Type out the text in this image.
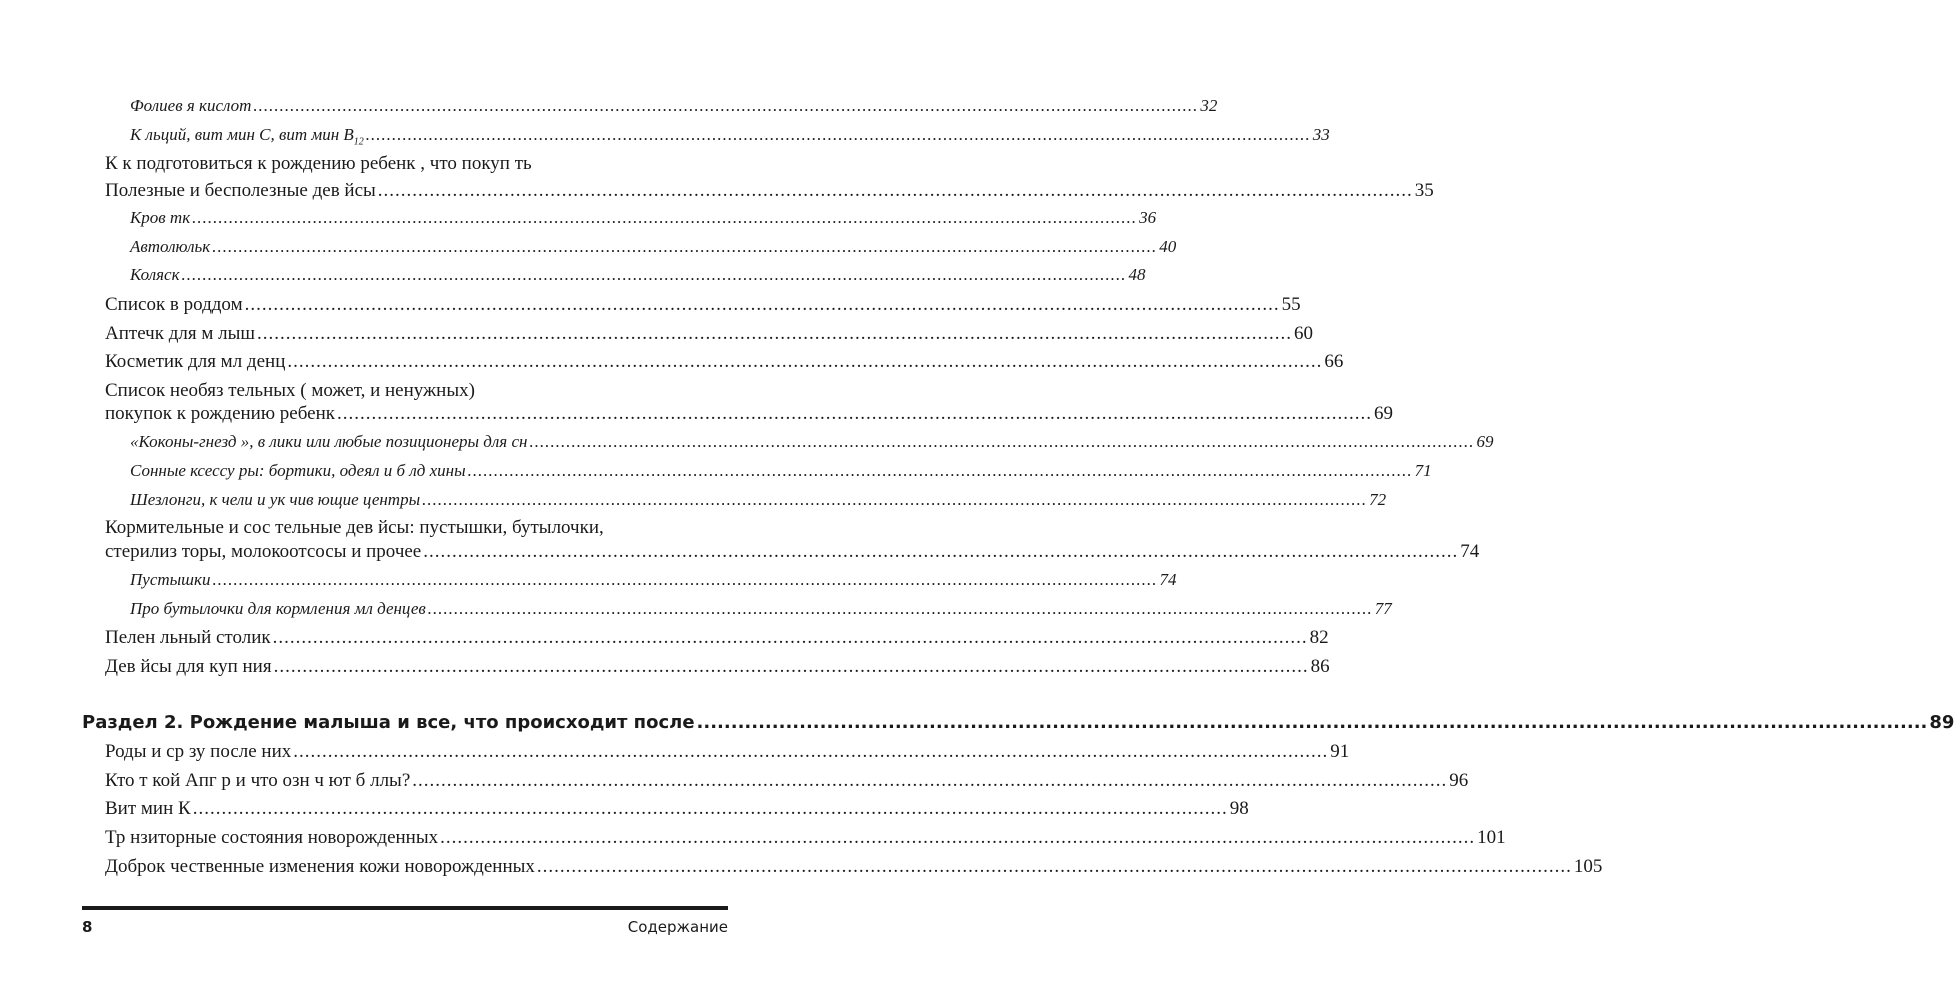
Фолиев я кислот .................................................................................................................................................................................... 32
К льций, вит мин С, вит мин $В_{12}$ .................................................................................................................................................................................... 33
К к подготовиться к рождению ребенк , что покуп ть
Полезные и бесполезные дев йсы .................................................................................................................................................................................... 35
Кров тк .................................................................................................................................................................................... 36
Автолюльк .................................................................................................................................................................................... 40
Коляск .................................................................................................................................................................................... 48
Список в роддом .................................................................................................................................................................................... 55
Аптечк для м лыш .................................................................................................................................................................................... 60
Косметик для мл денц .................................................................................................................................................................................... 66
Список необяз тельных ( может, и ненужных)
покупок к рождению ребенк .................................................................................................................................................................................... 69
«Коконы-гнезд », в лики или любые позиционеры для сн .................................................................................................................................................................................... 69
Сонные ксессу ры: бортики, одеял и б лд хины .................................................................................................................................................................................... 71
Шезлонги, к чели и ук чив ющие центры .................................................................................................................................................................................... 72
Кормительные и сос тельные дев йсы: пустышки, бутылочки,
стерилиз торы, молокоотсосы и прочее .................................................................................................................................................................................... 74
Пустышки .................................................................................................................................................................................... 74
Про бутылочки для кормления мл денцев .................................................................................................................................................................................... 77
Пелен льный столик .................................................................................................................................................................................... 82
Дев йсы для куп ния .................................................................................................................................................................................... 86
Раздел 2. Рождение малыша и все, что происходит после .................................................................................................................................................................................... 89
Роды и ср зу после них .................................................................................................................................................................................... 91
Кто т кой Апг р и что озн ч ют б ллы? .................................................................................................................................................................................... 96
Вит мин К .................................................................................................................................................................................... 98
Тр нзиторные состояния новорожденных .................................................................................................................................................................................... 101
Доброк чественные изменения кожи новорожденных .................................................................................................................................................................................... 105
8	Содержание
